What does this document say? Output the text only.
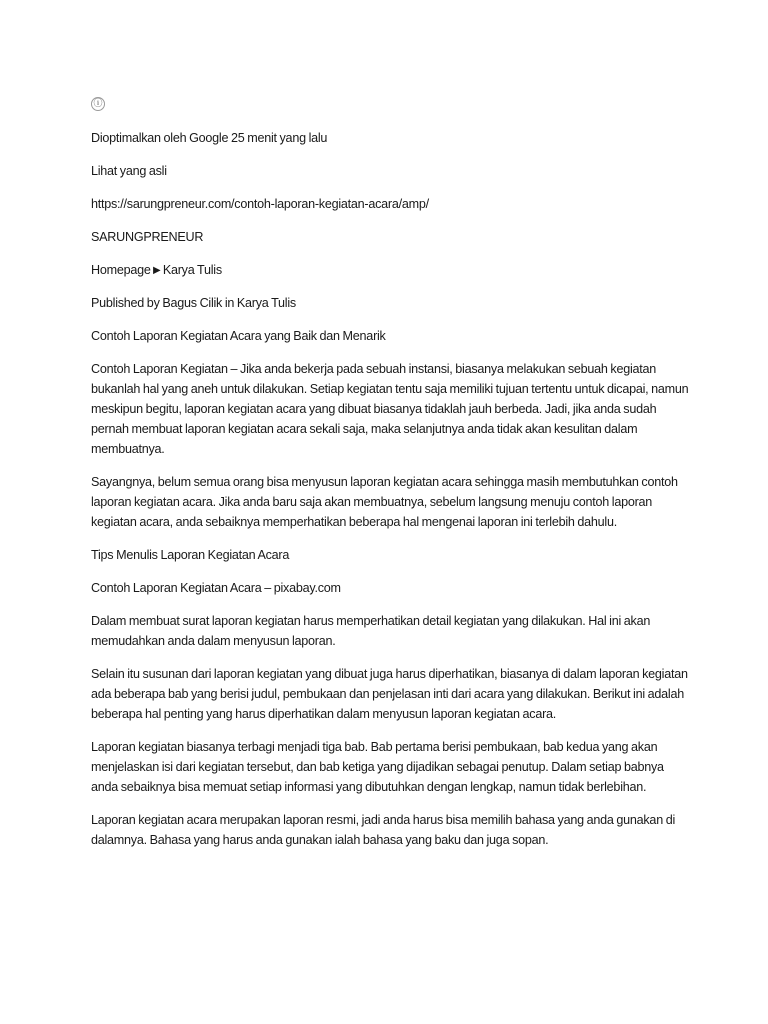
ⓘ

Dioptimalkan oleh Google 25 menit yang lalu

Lihat yang asli

https://sarungpreneur.com/contoh-laporan-kegiatan-acara/amp/

SARUNGPRENEUR

Homepage►Karya Tulis

Published by Bagus Cilik in Karya Tulis

Contoh Laporan Kegiatan Acara yang Baik dan Menarik

Contoh Laporan Kegiatan – Jika anda bekerja pada sebuah instansi, biasanya melakukan sebuah kegiatan bukanlah hal yang aneh untuk dilakukan. Setiap kegiatan tentu saja memiliki tujuan tertentu untuk dicapai, namun meskipun begitu, laporan kegiatan acara yang dibuat biasanya tidaklah jauh berbeda. Jadi, jika anda sudah pernah membuat laporan kegiatan acara sekali saja, maka selanjutnya anda tidak akan kesulitan dalam membuatnya.

Sayangnya, belum semua orang bisa menyusun laporan kegiatan acara sehingga masih membutuhkan contoh laporan kegiatan acara. Jika anda baru saja akan membuatnya, sebelum langsung menuju contoh laporan kegiatan acara, anda sebaiknya memperhatikan beberapa hal mengenai laporan ini terlebih dahulu.

Tips Menulis Laporan Kegiatan Acara

Contoh Laporan Kegiatan Acara – pixabay.com

Dalam membuat surat laporan kegiatan harus memperhatikan detail kegiatan yang dilakukan. Hal ini akan memudahkan anda dalam menyusun laporan.

Selain itu susunan dari laporan kegiatan yang dibuat juga harus diperhatikan, biasanya di dalam laporan kegiatan ada beberapa bab yang berisi judul, pembukaan dan penjelasan inti dari acara yang dilakukan. Berikut ini adalah beberapa hal penting yang harus diperhatikan dalam menyusun laporan kegiatan acara.

Laporan kegiatan biasanya terbagi menjadi tiga bab. Bab pertama berisi pembukaan, bab kedua yang akan menjelaskan isi dari kegiatan tersebut, dan bab ketiga yang dijadikan sebagai penutup. Dalam setiap babnya anda sebaiknya bisa memuat setiap informasi yang dibutuhkan dengan lengkap, namun tidak berlebihan.

Laporan kegiatan acara merupakan laporan resmi, jadi anda harus bisa memilih bahasa yang anda gunakan di dalamnya. Bahasa yang harus anda gunakan ialah bahasa yang baku dan juga sopan.
